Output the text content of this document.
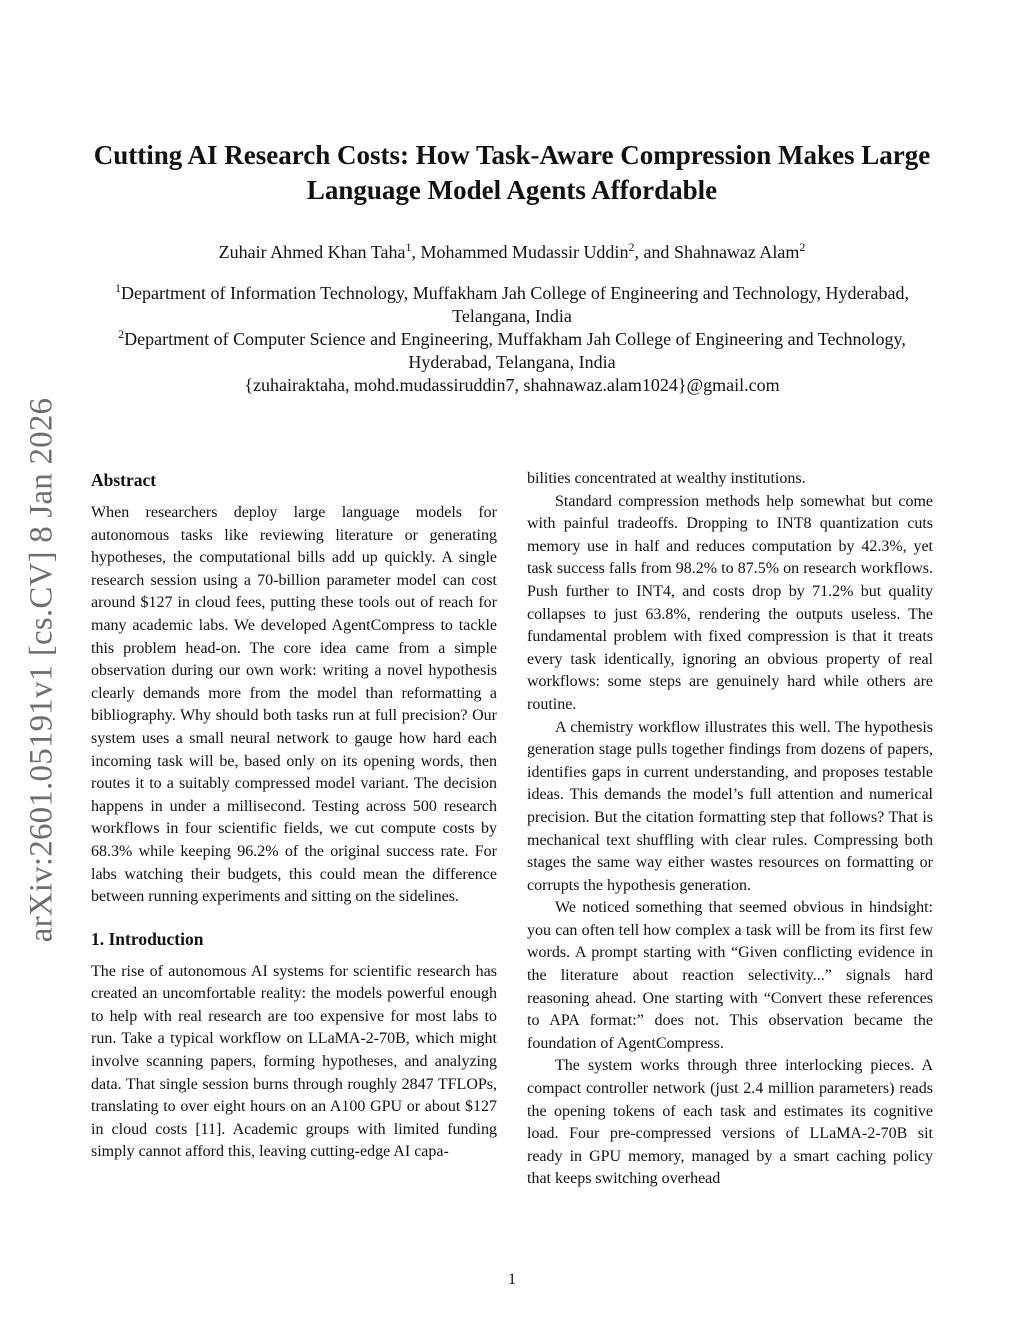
arXiv:2601.05191v1 [cs.CV] 8 Jan 2026
Cutting AI Research Costs: How Task-Aware Compression Makes Large Language Model Agents Affordable
Zuhair Ahmed Khan Taha$^1$, Mohammed Mudassir Uddin$^2$, and Shahnawaz Alam$^2$
$^1$Department of Information Technology, Muffakham Jah College of Engineering and Technology, Hyderabad, Telangana, India
$^2$Department of Computer Science and Engineering, Muffakham Jah College of Engineering and Technology, Hyderabad, Telangana, India
{zuhairaktaha, mohd.mudassiruddin7, shahnawaz.alam1024}@gmail.com
Abstract

When researchers deploy large language models for autonomous tasks like reviewing literature or generating hypotheses, the computational bills add up quickly. A single research session using a 70-billion parameter model can cost around $127 in cloud fees, putting these tools out of reach for many academic labs. We developed AgentCompress to tackle this problem head-on. The core idea came from a simple observation during our own work: writing a novel hypothesis clearly demands more from the model than reformatting a bibliography. Why should both tasks run at full precision? Our system uses a small neural network to gauge how hard each incoming task will be, based only on its opening words, then routes it to a suitably compressed model variant. The decision happens in under a millisecond. Testing across 500 research workflows in four scientific fields, we cut compute costs by 68.3% while keeping 96.2% of the original success rate. For labs watching their budgets, this could mean the difference between running experiments and sitting on the sidelines.

1. Introduction

The rise of autonomous AI systems for scientific research has created an uncomfortable reality: the models powerful enough to help with real research are too expensive for most labs to run. Take a typical workflow on LLaMA-2-70B, which might involve scanning papers, forming hypotheses, and analyzing data. That single session burns through roughly 2847 TFLOPs, translating to over eight hours on an A100 GPU or about $127 in cloud costs [11]. Academic groups with limited funding simply cannot afford this, leaving cutting-edge AI capa-

bilities concentrated at wealthy institutions.

Standard compression methods help somewhat but come with painful tradeoffs. Dropping to INT8 quantization cuts memory use in half and reduces computation by 42.3%, yet task success falls from 98.2% to 87.5% on research workflows. Push further to INT4, and costs drop by 71.2% but quality collapses to just 63.8%, rendering the outputs useless. The fundamental problem with fixed compression is that it treats every task identically, ignoring an obvious property of real workflows: some steps are genuinely hard while others are routine.

A chemistry workflow illustrates this well. The hypothesis generation stage pulls together findings from dozens of papers, identifies gaps in current understanding, and proposes testable ideas. This demands the model’s full attention and numerical precision. But the citation formatting step that follows? That is mechanical text shuffling with clear rules. Compressing both stages the same way either wastes resources on formatting or corrupts the hypothesis generation.

We noticed something that seemed obvious in hindsight: you can often tell how complex a task will be from its first few words. A prompt starting with “Given conflicting evidence in the literature about reaction selectivity...” signals hard reasoning ahead. One starting with “Convert these references to APA format:” does not. This observation became the foundation of AgentCompress.

The system works through three interlocking pieces. A compact controller network (just 2.4 million parameters) reads the opening tokens of each task and estimates its cognitive load. Four pre-compressed versions of LLaMA-2-70B sit ready in GPU memory, managed by a smart caching policy that keeps switching overhead

1
